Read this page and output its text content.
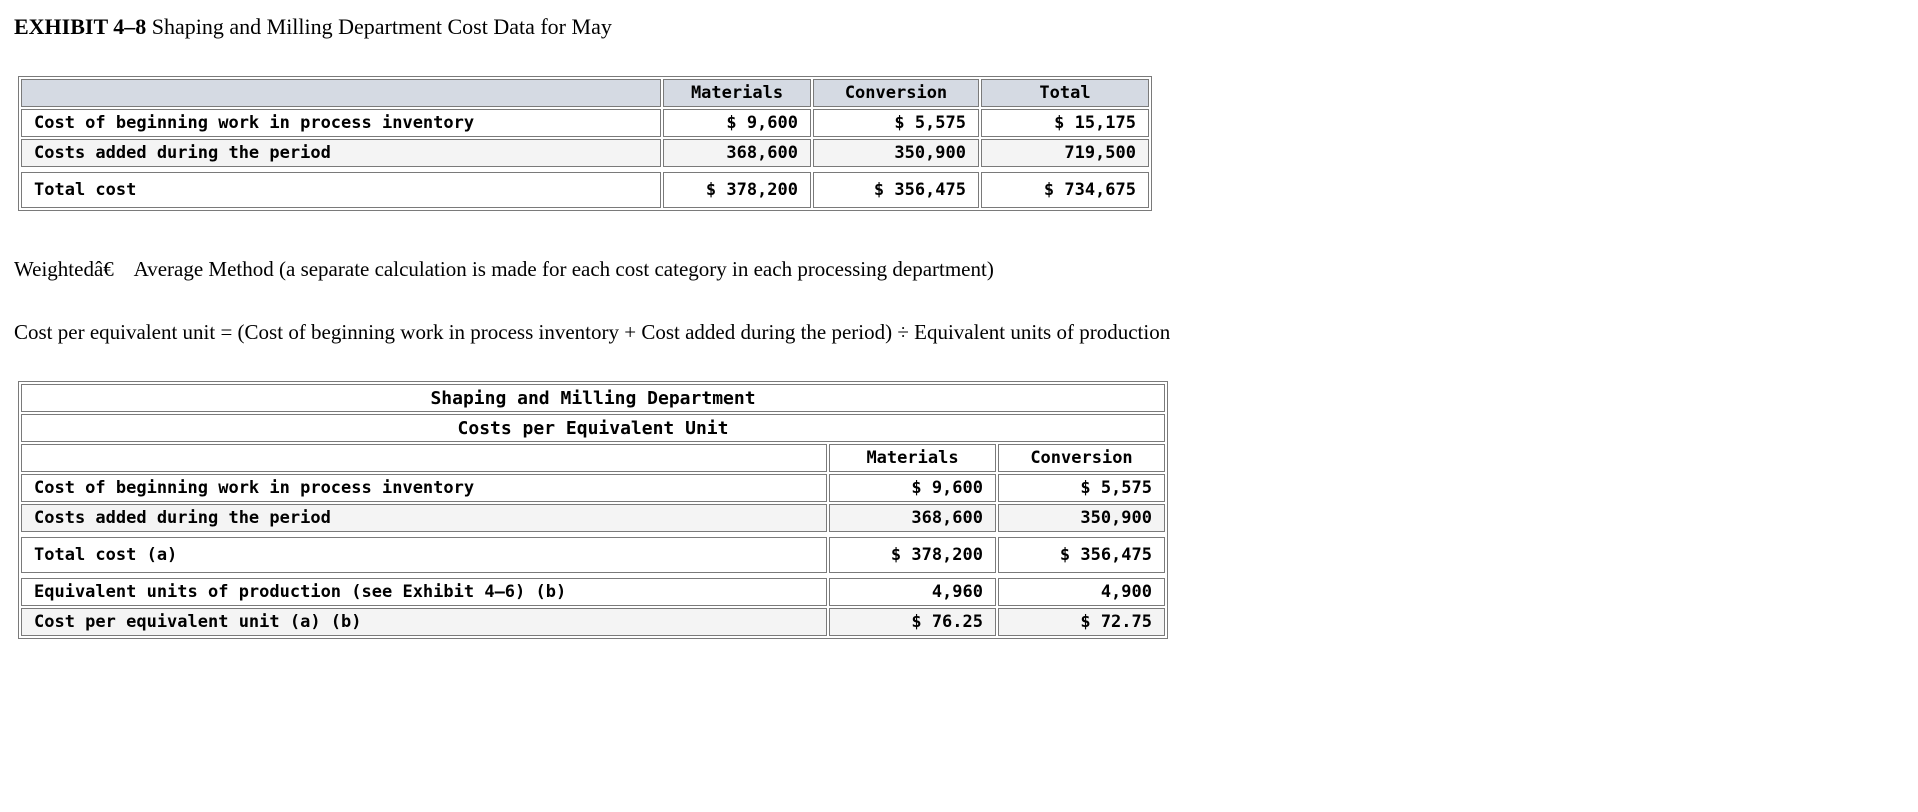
EXHIBIT 4–8 Shaping and Milling Department Cost Data for May
	Materials	Conversion	Total
Cost of beginning work in process inventory	$ 9,600	$ 5,575	$ 15,175
Costs added during the period	368,600	350,900	719,500

Total cost	$ 378,200	$ 356,475	$ 734,675

Weightedâ€    Average Method (a separate calculation is made for each cost category in each processing department)

Cost per equivalent unit = (Cost of beginning work in process inventory + Cost added during the period) ÷ Equivalent units of production

Shaping and Milling Department		
Costs per Equivalent Unit		
	Materials	Conversion
Cost of beginning work in process inventory	$ 9,600	$ 5,575
Costs added during the period	368,600	350,900

Total cost (a)	$ 378,200	$ 356,475

Equivalent units of production (see Exhibit 4–6) (b)	4,960	4,900
Cost per equivalent unit (a) (b)	$ 76.25	$ 72.75
